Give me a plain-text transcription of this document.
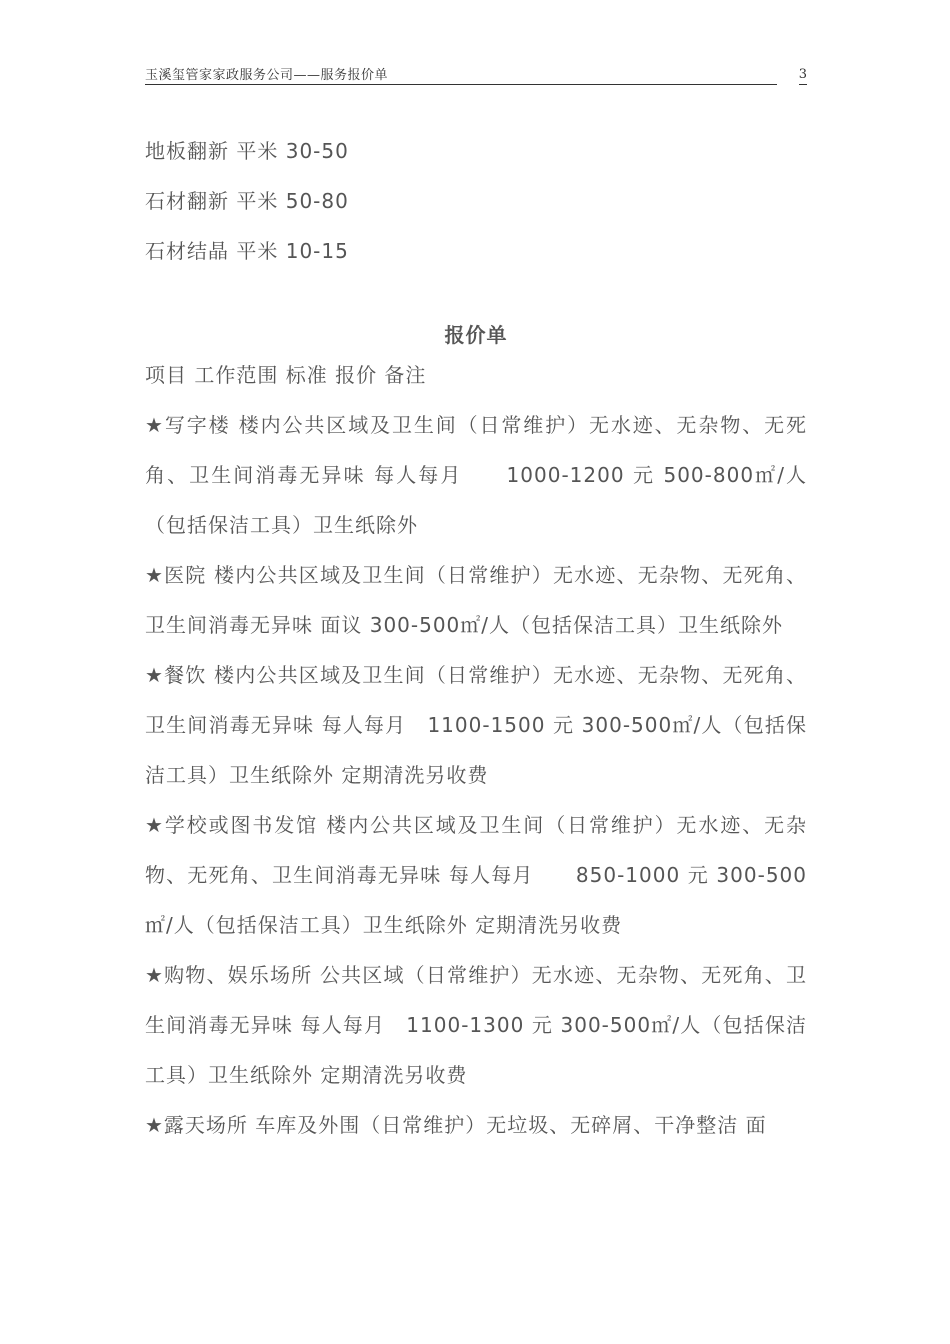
玉溪玺管家家政服务公司——服务报价单	3

地板翻新 平米 30-50

石材翻新 平米 50-80

石材结晶 平米 10-15

报价单

项目 工作范围 标准 报价 备注

★写字楼 楼内公共区域及卫生间（日常维护）无水迹、无杂物、无死角、卫生间消毒无异味 每人每月　　1000-1200 元 500-800㎡/人（包括保洁工具）卫生纸除外

★医院 楼内公共区域及卫生间（日常维护）无水迹、无杂物、无死角、卫生间消毒无异味 面议 300-500㎡/人（包括保洁工具）卫生纸除外

★餐饮 楼内公共区域及卫生间（日常维护）无水迹、无杂物、无死角、卫生间消毒无异味 每人每月　1100-1500 元 300-500㎡/人（包括保洁工具）卫生纸除外 定期清洗另收费

★学校或图书发馆 楼内公共区域及卫生间（日常维护）无水迹、无杂物、无死角、卫生间消毒无异味 每人每月　　850-1000 元 300-500㎡/人（包括保洁工具）卫生纸除外 定期清洗另收费

★购物、娱乐场所 公共区域（日常维护）无水迹、无杂物、无死角、卫生间消毒无异味 每人每月　1100-1300 元 300-500㎡/人（包括保洁工具）卫生纸除外 定期清洗另收费

★露天场所 车库及外围（日常维护）无垃圾、无碎屑、干净整洁 面
